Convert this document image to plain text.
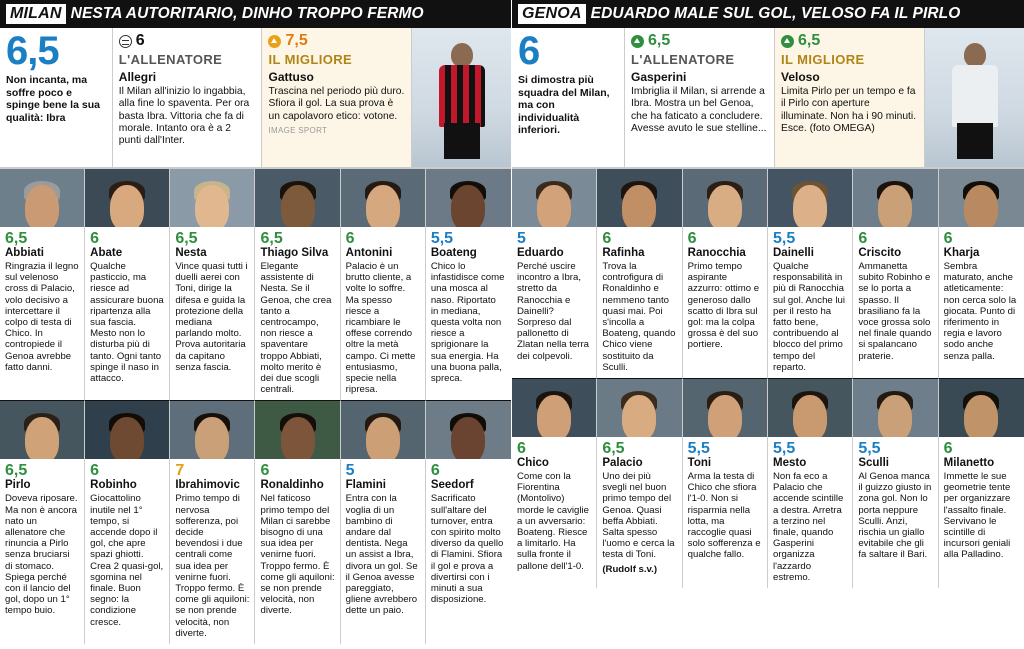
MILAN NESTA AUTORITARIO, DINHO TROPPO FERMO
6,5
Non incanta, ma soffre poco e spinge bene la sua qualità: Ibra
6
L'ALLENATORE
Allegri
Il Milan all'inizio lo ingabbia, alla fine lo spaventa. Per ora basta Ibra. Vittoria che fa di morale. Intanto ora è a 2 punti dall'Inter.
7,5
IL MIGLIORE
Gattuso
Trascina nel periodo più duro. Sfiora il gol. La sua prova è un capolavoro etico: votone.
IMAGE SPORT
6,5
Abbiati
Ringrazia il legno sul velenoso cross di Palacio, volo decisivo a intercettare il colpo di testa di Chico. In contropiede il Genoa avrebbe fatto danni.
6
Abate
Qualche pasticcio, ma riesce ad assicurare buona ripartenza alla sua fascia. Mesto non lo disturba più di tanto. Ogni tanto spinge il naso in attacco.
6,5
Nesta
Vince quasi tutti i duelli aerei con Toni, dirige la difesa e guida la protezione della mediana parlando molto. Prova autoritaria da capitano senza fascia.
6,5
Thiago Silva
Elegante assistente di Nesta. Se il Genoa, che crea tanto a centrocampo, non riesce a spaventare troppo Abbiati, molto merito è dei due scogli centrali.
6
Antonini
Palacio è un brutto cliente, a volte lo soffre. Ma spesso riesce a ricambiare le offese correndo oltre la metà campo. Ci mette entusiasmo, specie nella ripresa.
5,5
Boateng
Chico lo infastidisce come una mosca al naso. Riportato in mediana, questa volta non riesce a sprigionare la sua energia. Ha una buona palla, spreca.
6,5
Pirlo
Doveva riposare. Ma non è ancora nato un allenatore che rinuncia a Pirlo senza bruciarsi di stomaco. Spiega perché con il lancio del gol, dopo un 1° tempo buio.
6
Robinho
Giocattolino inutile nel 1° tempo, si accende dopo il gol, che apre spazi ghiotti. Crea 2 quasi-gol, sgomina nel finale. Buon segno: la condizione cresce.
7
Ibrahimovic
Primo tempo di nervosa sofferenza, poi decide bevendosi i due centrali come sua idea per venirne fuori. Troppo fermo. È come gli aquiloni: se non prende velocità, non diverte.
6
Ronaldinho
Nel faticoso primo tempo del Milan ci sarebbe bisogno di una sua idea per venirne fuori. Troppo fermo. È come gli aquiloni: se non prende velocità, non diverte.
5
Flamini
Entra con la voglia di un bambino di andare dal dentista. Nega un assist a Ibra, divora un gol. Se il Genoa avesse pareggiato, gliene avrebbero dette un paio.
6
Seedorf
Sacrificato sull'altare del turnover, entra con spirito molto diverso da quello di Flamini. Sfiora il gol e prova a divertirsi con i minuti a sua disposizione.
GENOA EDUARDO MALE SUL GOL, VELOSO FA IL PIRLO
6
Si dimostra più squadra del Milan, ma con individualità inferiori.
6,5
L'ALLENATORE
Gasperini
Imbriglia il Milan, si arrende a Ibra. Mostra un bel Genoa, che ha faticato a concludere. Avesse avuto le sue stelline...
6,5
IL MIGLIORE
Veloso
Limita Pirlo per un tempo e fa il Pirlo con aperture illuminate. Non ha i 90 minuti. Esce. (foto OMEGA)
5
Eduardo
Perché uscire incontro a Ibra, stretto da Ranocchia e Dainelli? Sorpreso dal pallonetto di Zlatan nella terra dei colpevoli.
6
Rafinha
Trova la controfigura di Ronaldinho e nemmeno tanto quasi mai. Poi s'incolla a Boateng, quando Chico viene sostituito da Sculli.
6
Ranocchia
Primo tempo aspirante azzurro: ottimo e generoso dallo scatto di Ibra sul gol: ma la colpa grossa è del suo portiere.
5,5
Dainelli
Qualche responsabilità in più di Ranocchia sul gol. Anche lui per il resto ha fatto bene, contribuendo al blocco del primo tempo del reparto.
6
Criscito
Ammanetta subito Robinho e se lo porta a spasso. Il brasiliano fa la voce grossa solo nel finale quando si spalancano praterie.
6
Kharja
Sembra maturato, anche atleticamente: non cerca solo la giocata. Punto di riferimento in regia e lavoro sodo anche senza palla.
6
Chico
Come con la Fiorentina (Montolivo) morde le caviglie a un avversario: Boateng. Riesce a limitarlo. Ha sulla fronte il pallone dell'1-0.
6,5
Palacio
Uno dei più svegli nel buon primo tempo del Genoa. Quasi beffa Abbiati. Salta spesso l'uomo e cerca la testa di Toni.
(Rudolf s.v.)
5,5
Toni
Arma la testa di Chico che sfiora l'1-0. Non si risparmia nella lotta, ma raccoglie quasi solo sofferenza e qualche fallo.
5,5
Mesto
Non fa eco a Palacio che accende scintille a destra. Arretra a terzino nel finale, quando Gasperini organizza l'azzardo estremo.
5,5
Sculli
Al Genoa manca il guizzo giusto in zona gol. Non lo porta neppure Sculli. Anzi, rischia un giallo evitabile che gli fa saltare il Bari.
6
Milanetto
Immette le sue geometrie tente per organizzare l'assalto finale. Servivano le scintille di incursori geniali alla Palladino.
